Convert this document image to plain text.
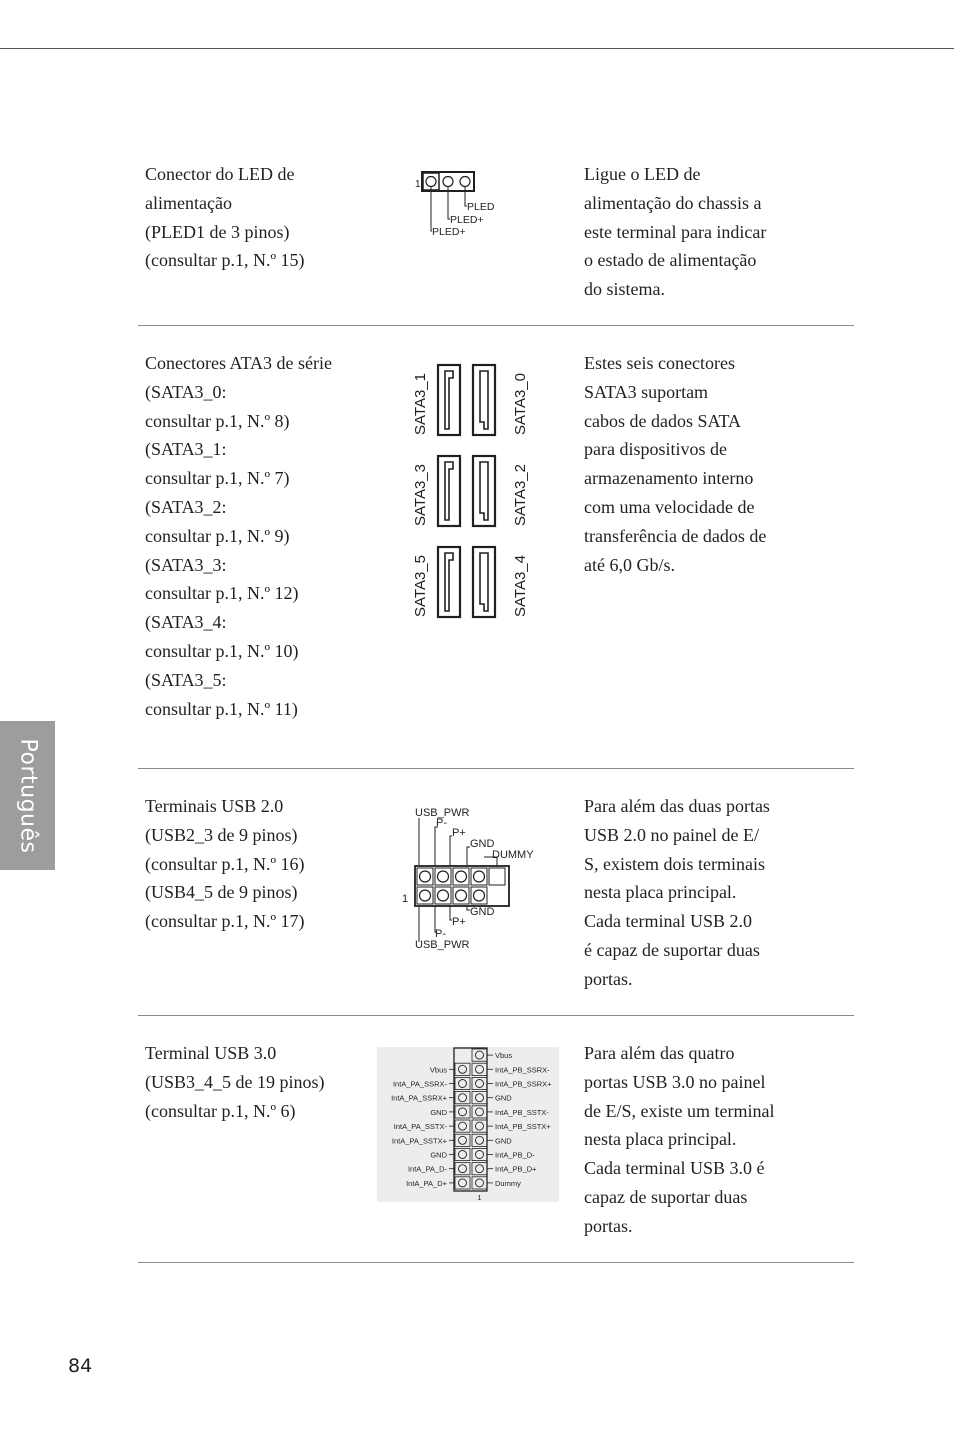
Português
Conector do LED de
alimentação
(PLED1 de 3 pinos)
(consultar p.1, N.º 15)
1
PLED
PLED+
PLED+
Ligue o LED de
alimentação do chassis a
este terminal para indicar
o estado de alimentação
do sistema.
Conectores ATA3 de série
(SATA3_0:
consultar p.1, N.º 8)
(SATA3_1:
consultar p.1, N.º 7)
(SATA3_2:
consultar p.1, N.º 9)
(SATA3_3:
consultar p.1, N.º 12)
(SATA3_4:
consultar p.1, N.º 10)
(SATA3_5:
consultar p.1, N.º 11)
SATA3_1	SATA3_0
SATA3_3	SATA3_2
SATA3_5	SATA3_4
Estes seis conectores
SATA3 suportam
cabos de dados SATA
para dispositivos de
armazenamento interno
com uma velocidade de
transferência de dados de
até 6,0 Gb/s.
Terminais USB 2.0
(USB2_3 de 9 pinos)
(consultar p.1, N.º 16)
(USB4_5 de 9 pinos)
(consultar p.1, N.º 17)
USB_PWR
P-
P+
GND
DUMMY
1
GND
P+
P-
USB_PWR
Para além das duas portas
USB 2.0 no painel de E/
S, existem dois terminais
nesta placa principal.
Cada terminal USB 2.0
é capaz de suportar duas
portas.
Terminal USB 3.0
(USB3_4_5 de 19 pinos)
(consultar p.1, N.º 6)
Vbus
IntA_PB_SSRX-
Vbus
IntA_PB_SSRX+
IntA_PA_SSRX-
GND
IntA_PA_SSRX+
IntA_PB_SSTX-
GND
IntA_PB_SSTX+
IntA_PA_SSTX-
GND
IntA_PA_SSTX+
IntA_PB_D-
GND
IntA_PB_D+
IntA_PA_D-
Dummy
IntA_PA_D+
1
Para além das quatro
portas USB 3.0 no painel
de E/S, existe um terminal
nesta placa principal.
Cada terminal USB 3.0 é
capaz de suportar duas
portas.
84
